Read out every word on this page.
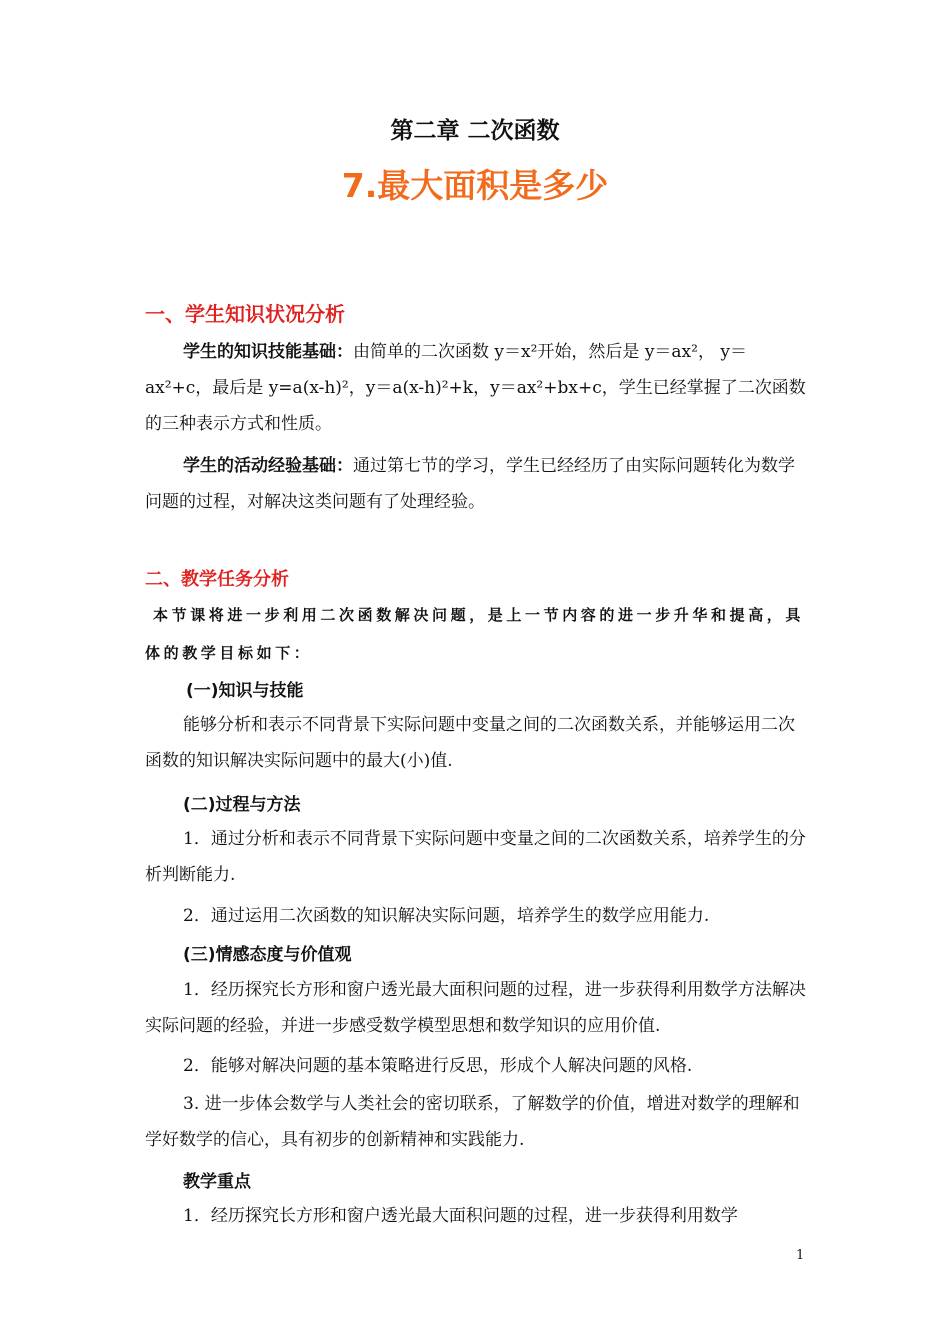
第二章 二次函数
7.最大面积是多少
一、学生知识状况分析
学生的知识技能基础：由简单的二次函数 y＝x²开始，然后是 y＝ax²， y＝ax²+c，最后是 y=a(x-h)²，y＝a(x-h)²+k，y＝ax²+bx+c，学生已经掌握了二次函数的三种表示方式和性质。
学生的活动经验基础：通过第七节的学习，学生已经经历了由实际问题转化为数学问题的过程，对解决这类问题有了处理经验。
二、教学任务分析
本节课将进一步利用二次函数解决问题，是上一节内容的进一步升华和提高，具体的教学目标如下：
(一)知识与技能
能够分析和表示不同背景下实际问题中变量之间的二次函数关系，并能够运用二次函数的知识解决实际问题中的最大(小)值.
(二)过程与方法
1．通过分析和表示不同背景下实际问题中变量之间的二次函数关系，培养学生的分析判断能力.
2．通过运用二次函数的知识解决实际问题，培养学生的数学应用能力.
(三)情感态度与价值观
1．经历探究长方形和窗户透光最大面积问题的过程，进一步获得利用数学方法解决实际问题的经验，并进一步感受数学模型思想和数学知识的应用价值.
2．能够对解决问题的基本策略进行反思，形成个人解决问题的风格.
3. 进一步体会数学与人类社会的密切联系，了解数学的价值，增进对数学的理解和学好数学的信心，具有初步的创新精神和实践能力.
教学重点
1．经历探究长方形和窗户透光最大面积问题的过程，进一步获得利用数学
1
